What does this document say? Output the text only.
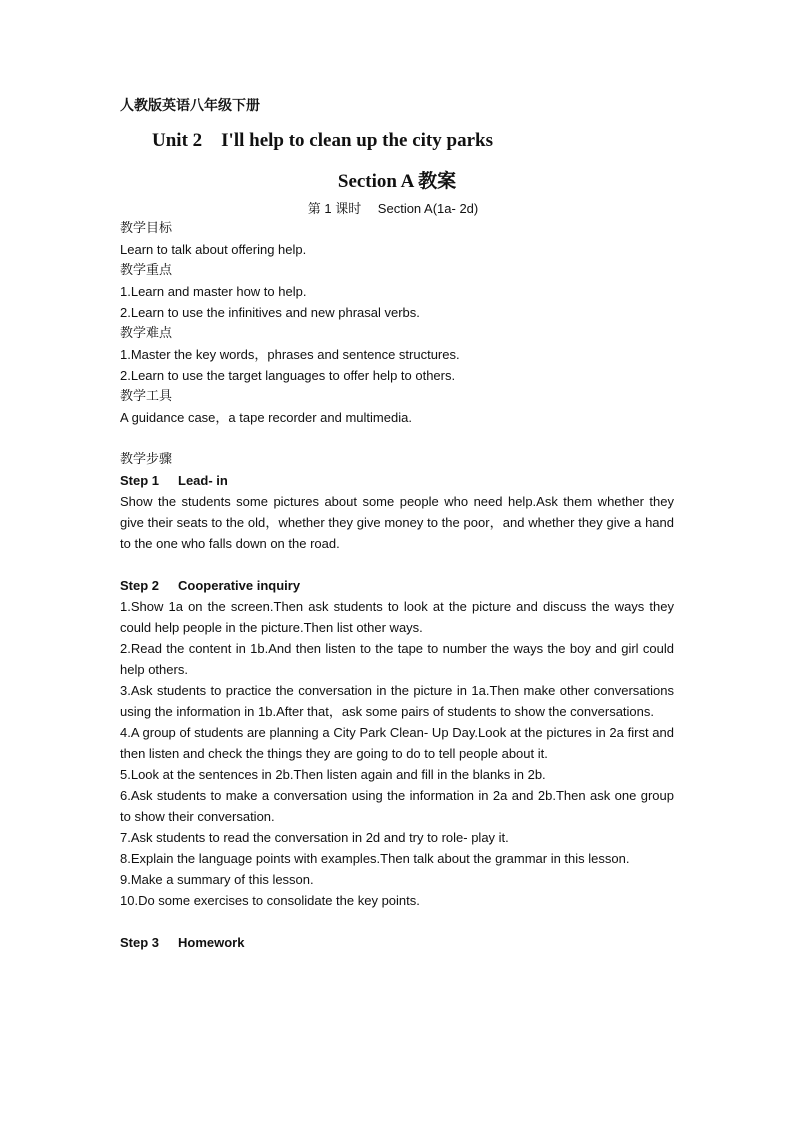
人教版英语八年级下册
Unit 2　I'll help to clean up the city parks
Section A 教案
第 1 课时　 Section A(1a- 2d)
教学目标

Learn to talk about offering help.

教学重点

1.Learn and master how to help.

2.Learn to use the infinitives and new phrasal verbs.

教学难点

1.Master the key words，phrases and sentence structures.

2.Learn to use the target languages to offer help to others.

教学工具

A guidance case，a tape recorder and multimedia.

教学步骤
Step 1 Lead- in

Show the students some pictures about some people who need help.Ask them whether they give their seats to the old，whether they give money to the poor，and whether they give a hand to the one who falls down on the road.

Step 2 Cooperative inquiry

1.Show 1a on the screen.Then ask students to look at the picture and discuss the ways they could help people in the picture.Then list other ways.

2.Read the content in 1b.And then listen to the tape to number the ways the boy and girl could help others.

3.Ask students to practice the conversation in the picture in 1a.Then make other conversations using the information in 1b.After that，ask some pairs of students to show the conversations.

4.A group of students are planning a City Park Clean- Up Day.Look at the pictures in 2a first and then listen and check the things they are going to do to tell people about it.

5.Look at the sentences in 2b.Then listen again and fill in the blanks in 2b.

6.Ask students to make a conversation using the information in 2a and 2b.Then ask one group to show their conversation.

7.Ask students to read the conversation in 2d and try to role- play it.

8.Explain the language points with examples.Then talk about the grammar in this lesson.

9.Make a summary of this lesson.

10.Do some exercises to consolidate the key points.

Step 3 Homework
